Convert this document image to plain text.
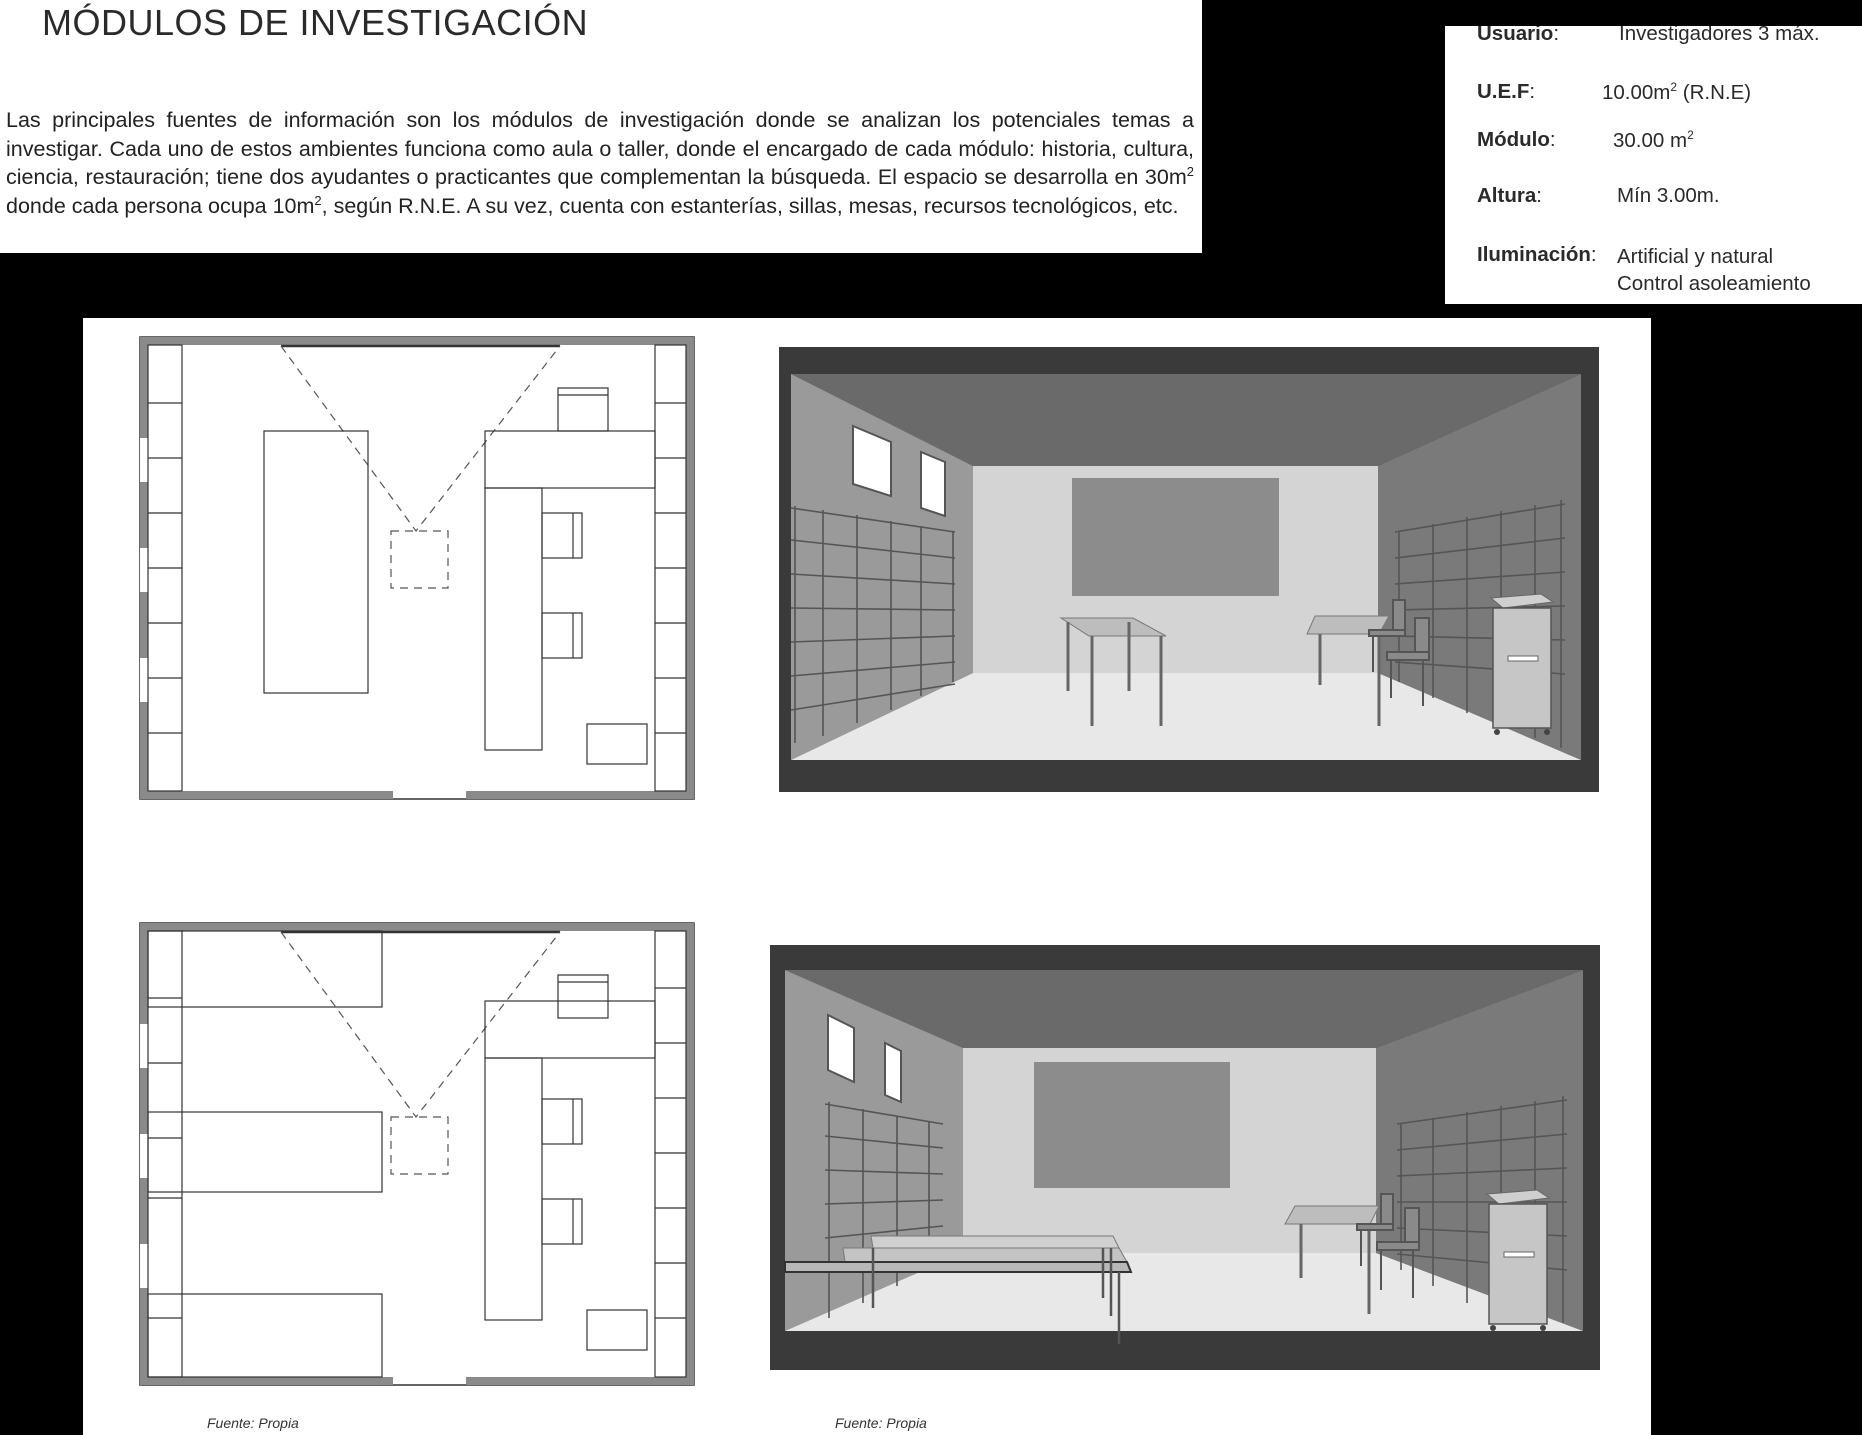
MÓDULOS DE INVESTIGACIÓN

Las principales fuentes de información son los módulos de investigación donde se analizan los potenciales temas a investigar. Cada uno de estos ambientes funciona como aula o taller, donde el encargado de cada módulo: historia, cultura, ciencia, restauración; tiene dos ayudantes o practicantes que complementan la búsqueda. El espacio se desarrolla en $30m^2$ donde cada persona ocupa $10m^2$, según R.N.E. A su vez, cuenta con estanterías, sillas, mesas, recursos tecnológicos, etc.

Usuario:	Investigadores 3 máx.
U.E.F:	$10.00m^2$ (R.N.E)
Módulo:	30.00 $m^2$
Altura:	Mín 3.00m.
Iluminación: Artificial y natural
Control asoleamiento
Fuente: Propia	Fuente: Propia
